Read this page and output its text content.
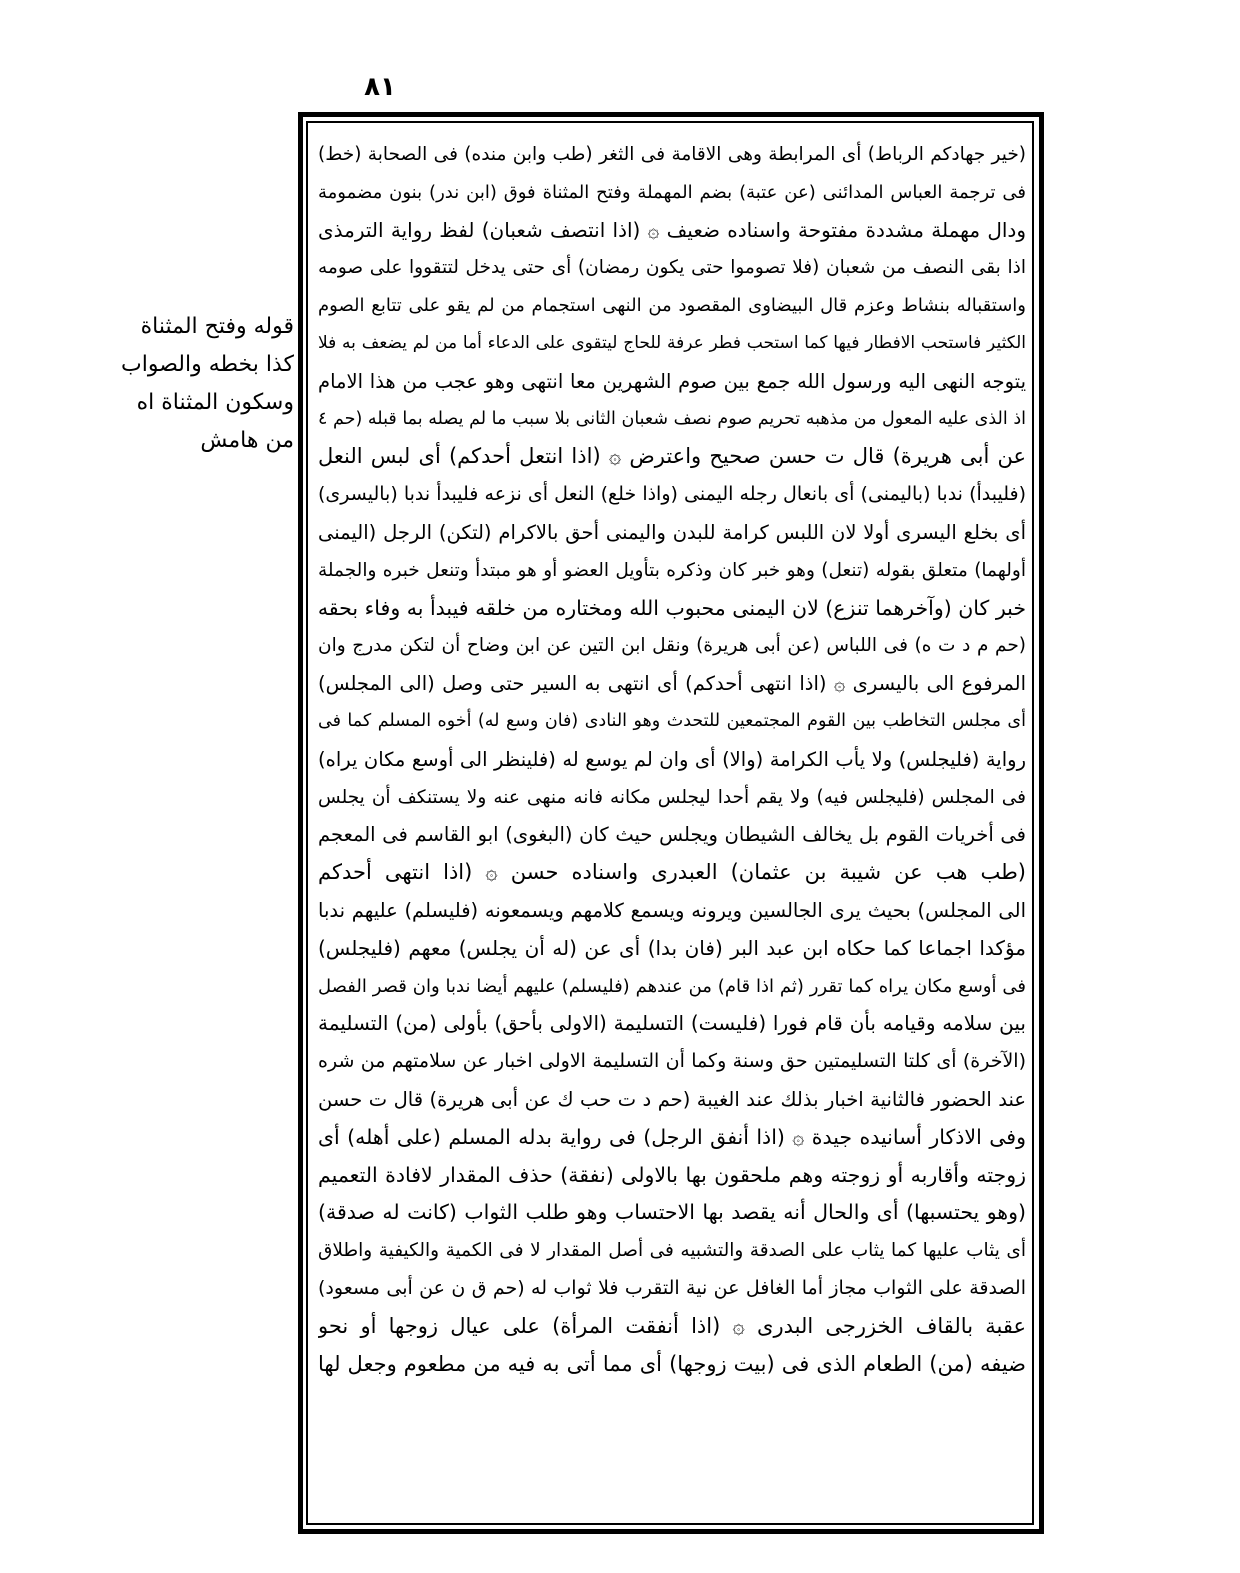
٨١
قوله وفتح المثناة
كذا بخطه والصواب
وسكون المثناة اه
من هامش
(خير جهادكم الرباط) أى المرابطة وهى الاقامة فى الثغر (طب وابن منده) فى الصحابة (خط)
فى ترجمة العباس المدائنى (عن عتبة) بضم المهملة وفتح المثناة فوق (ابن ندر) بنون مضمومة
ودال مهملة مشددة مفتوحة واسناده ضعيف ۞ (اذا انتصف شعبان) لفظ رواية الترمذى
اذا بقى النصف من شعبان (فلا تصوموا حتى يكون رمضان) أى حتى يدخل لتتقووا على صومه
واستقباله بنشاط وعزم قال البيضاوى المقصود من النهى استجمام من لم يقو على تتابع الصوم
الكثير فاستحب الافطار فيها كما استحب فطر عرفة للحاج ليتقوى على الدعاء أما من لم يضعف به فلا
يتوجه النهى اليه ورسول الله جمع بين صوم الشهرين معا انتهى وهو عجب من هذا الامام
اذ الذى عليه المعول من مذهبه تحريم صوم نصف شعبان الثانى بلا سبب ما لم يصله بما قبله (حم ٤
عن أبى هريرة) قال ت حسن صحيح واعترض ۞ (اذا انتعل أحدكم) أى لبس النعل
(فليبدأ) ندبا (باليمنى) أى بانعال رجله اليمنى (واذا خلع) النعل أى نزعه فليبدأ ندبا (باليسرى)
أى بخلع اليسرى أولا لان اللبس كرامة للبدن واليمنى أحق بالاكرام (لتكن) الرجل (اليمنى
أولهما) متعلق بقوله (تنعل) وهو خبر كان وذكره بتأويل العضو أو هو مبتدأ وتنعل خبره والجملة
خبر كان (وآخرهما تنزع) لان اليمنى محبوب الله ومختاره من خلقه فيبدأ به وفاء بحقه
(حم م د ت ه) فى اللباس (عن أبى هريرة) ونقل ابن التين عن ابن وضاح أن لتكن مدرج وان
المرفوع الى باليسرى ۞ (اذا انتهى أحدكم) أى انتهى به السير حتى وصل (الى المجلس)
أى مجلس التخاطب بين القوم المجتمعين للتحدث وهو النادى (فان وسع له) أخوه المسلم كما فى
رواية (فليجلس) ولا يأب الكرامة (والا) أى وان لم يوسع له (فلينظر الى أوسع مكان يراه)
فى المجلس (فليجلس فيه) ولا يقم أحدا ليجلس مكانه فانه منهى عنه ولا يستنكف أن يجلس
فى أخريات القوم بل يخالف الشيطان ويجلس حيث كان (البغوى) ابو القاسم فى المعجم
(طب هب عن شيبة بن عثمان) العبدرى واسناده حسن ۞ (اذا انتهى أحدكم
الى المجلس) بحيث يرى الجالسين ويرونه ويسمع كلامهم ويسمعونه (فليسلم) عليهم ندبا
مؤكدا اجماعا كما حكاه ابن عبد البر (فان بدا) أى عن (له أن يجلس) معهم (فليجلس)
فى أوسع مكان يراه كما تقرر (ثم اذا قام) من عندهم (فليسلم) عليهم أيضا ندبا وان قصر الفصل
بين سلامه وقيامه بأن قام فورا (فليست) التسليمة (الاولى بأحق) بأولى (من) التسليمة
(الآخرة) أى كلتا التسليمتين حق وسنة وكما أن التسليمة الاولى اخبار عن سلامتهم من شره
عند الحضور فالثانية اخبار بذلك عند الغيبة (حم د ت حب ك عن أبى هريرة) قال ت حسن
وفى الاذكار أسانيده جيدة ۞ (اذا أنفق الرجل) فى رواية بدله المسلم (على أهله) أى
زوجته وأقاربه أو زوجته وهم ملحقون بها بالاولى (نفقة) حذف المقدار لافادة التعميم
(وهو يحتسبها) أى والحال أنه يقصد بها الاحتساب وهو طلب الثواب (كانت له صدقة)
أى يثاب عليها كما يثاب على الصدقة والتشبيه فى أصل المقدار لا فى الكمية والكيفية واطلاق
الصدقة على الثواب مجاز أما الغافل عن نية التقرب فلا ثواب له (حم ق ن عن أبى مسعود)
عقبة بالقاف الخزرجى البدرى ۞ (اذا أنفقت المرأة) على عيال زوجها أو نحو
ضيفه (من) الطعام الذى فى (بيت زوجها) أى مما أتى به فيه من مطعوم وجعل لها
